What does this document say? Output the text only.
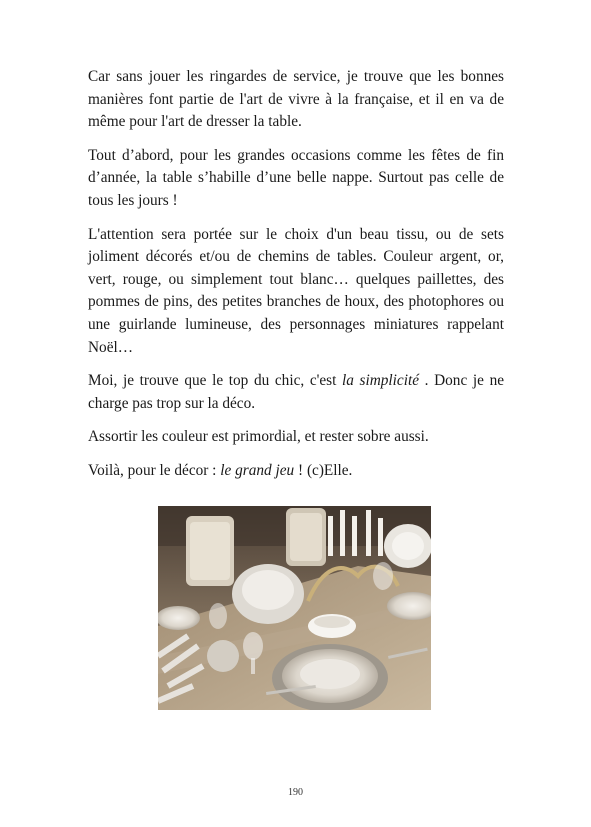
Car sans jouer les ringardes de service, je trouve que les bonnes manières font partie de l'art de vivre à la française, et il en va de même pour l'art de dresser la table.

Tout d’abord, pour les grandes occasions comme les fêtes de fin d’année, la table s’habille d’une belle nappe. Surtout pas celle de tous les jours !

L'attention sera portée sur le choix d'un beau tissu, ou de sets joliment décorés et/ou de chemins de tables. Couleur argent, or, vert, rouge, ou simplement tout blanc… quelques paillettes, des pommes de pins, des petites branches de houx, des photophores ou une guirlande lumineuse, des personnages miniatures rappelant Noël…

Moi, je trouve que le top du chic, c'est la simplicité . Donc je ne charge pas trop sur la déco.

Assortir les couleur est primordial, et rester sobre aussi.

Voilà, pour le décor : le grand jeu ! (c)Elle.

190
